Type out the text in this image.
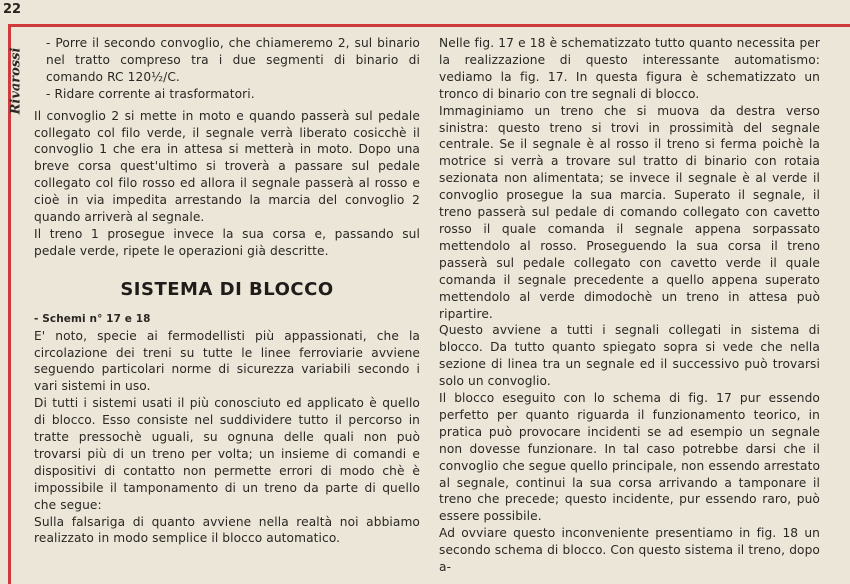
22
Rivarossi

- Porre il secondo convoglio, che chiameremo 2, sul binario nel tratto compreso tra i due segmenti di binario di comando RC 120½/C.

- Ridare corrente ai trasformatori.

Il convoglio 2 si mette in moto e quando passerà sul pedale collegato col filo verde, il segnale verrà liberato cosicchè il convoglio 1 che era in attesa si metterà in moto. Dopo una breve corsa quest'ultimo si troverà a passare sul pedale collegato col filo rosso ed allora il segnale passerà al rosso e cioè in via impedita arrestando la marcia del convoglio 2 quando arriverà al segnale.

Il treno 1 prosegue invece la sua corsa e, passando sul pedale verde, ripete le operazioni già descritte.

SISTEMA DI BLOCCO

- Schemi n° 17 e 18

E' noto, specie ai fermodellisti più appassionati, che la circolazione dei treni su tutte le linee ferroviarie avviene seguendo particolari norme di sicurezza variabili secondo i vari sistemi in uso.

Di tutti i sistemi usati il più conosciuto ed applicato è quello di blocco. Esso consiste nel suddividere tutto il percorso in tratte pressochè uguali, su ognuna delle quali non può trovarsi più di un treno per volta; un insieme di comandi e dispositivi di contatto non permette errori di modo chè è impossibile il tamponamento di un treno da parte di quello che segue:

Sulla falsariga di quanto avviene nella realtà noi abbiamo realizzato in modo semplice il blocco automatico.

Nelle fig. 17 e 18 è schematizzato tutto quanto necessita per la realizzazione di questo interessante automatismo: vediamo la fig. 17. In questa figura è schematizzato un tronco di binario con tre segnali di blocco.

Immaginiamo un treno che si muova da destra verso sinistra: questo treno si trovi in prossimità del segnale centrale. Se il segnale è al rosso il treno si ferma poichè la motrice si verrà a trovare sul tratto di binario con rotaia sezionata non alimentata; se invece il segnale è al verde il convoglio prosegue la sua marcia. Superato il segnale, il treno passerà sul pedale di comando collegato con cavetto rosso il quale comanda il segnale appena sorpassato mettendolo al rosso. Proseguendo la sua corsa il treno passerà sul pedale collegato con cavetto verde il quale comanda il segnale precedente a quello appena superato mettendolo al verde dimodochè un treno in attesa può ripartire.

Questo avviene a tutti i segnali collegati in sistema di blocco. Da tutto quanto spiegato sopra si vede che nella sezione di linea tra un segnale ed il successivo può trovarsi solo un convoglio.

Il blocco eseguito con lo schema di fig. 17 pur essendo perfetto per quanto riguarda il funzionamento teorico, in pratica può provocare incidenti se ad esempio un segnale non dovesse funzionare. In tal caso potrebbe darsi che il convoglio che segue quello principale, non essendo arrestato al segnale, continui la sua corsa arrivando a tamponare il treno che precede; questo incidente, pur essendo raro, può essere possibile.

Ad ovviare questo inconveniente presentiamo in fig. 18 un secondo schema di blocco. Con questo sistema il treno, dopo a-
